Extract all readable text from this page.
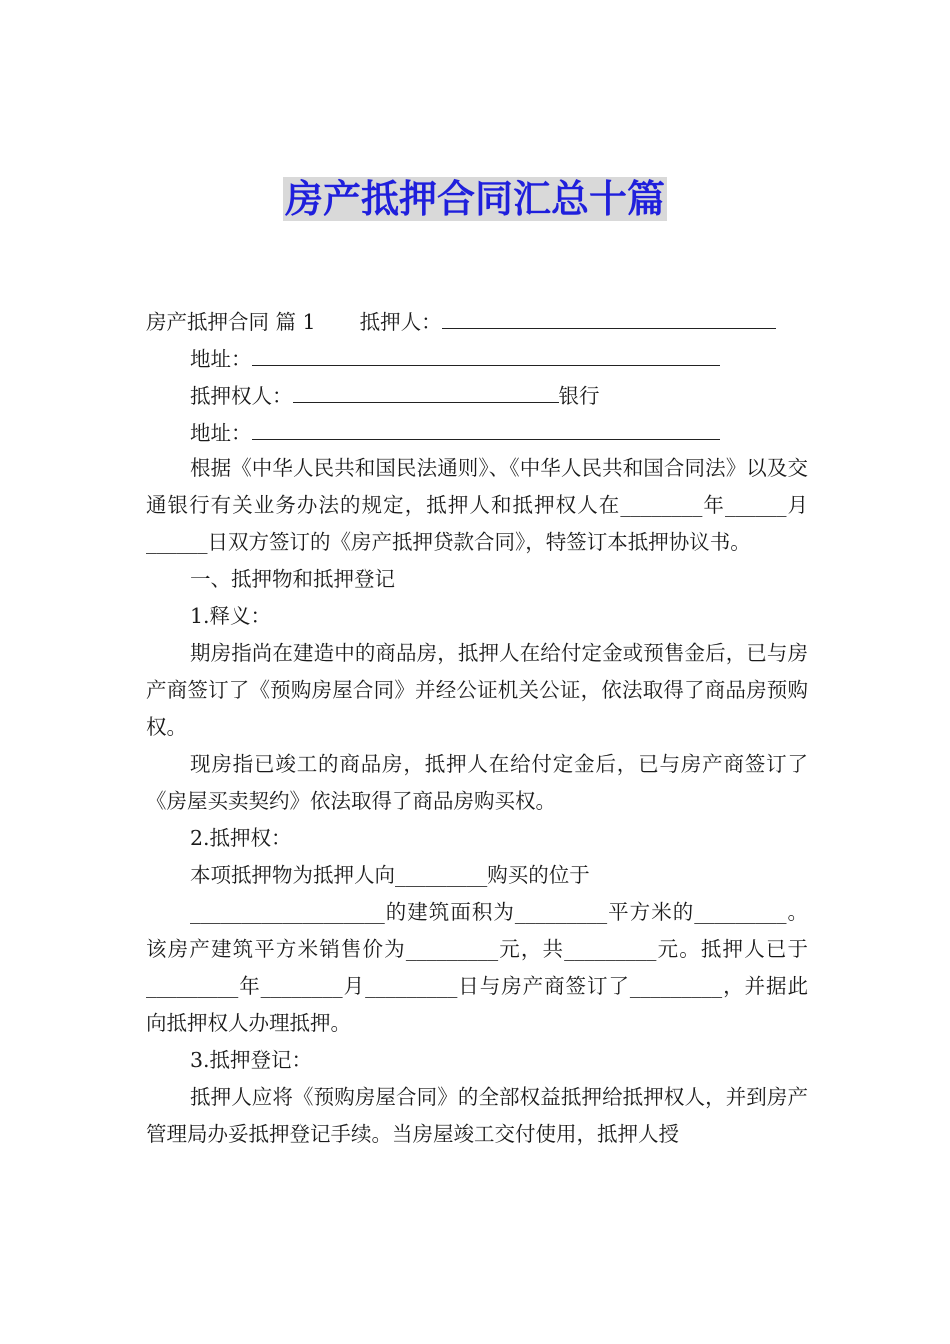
房产抵押合同汇总十篇
房产抵押合同 篇 1 抵押人：
地址：
抵押权人：	银行
地址：

根据《中华人民共和国民法通则》、《中华人民共和国合同法》以及交通银行有关业务办法的规定，抵押人和抵押权人在________年______月______日双方签订的《房产抵押贷款合同》，特签订本抵押协议书。

一、抵押物和抵押登记
1.释义：

期房指尚在建造中的商品房，抵押人在给付定金或预售金后，已与房产商签订了《预购房屋合同》并经公证机关公证，依法取得了商品房预购权。

现房指已竣工的商品房，抵押人在给付定金后，已与房产商签订了《房屋买卖契约》依法取得了商品房购买权。

2.抵押权：
本项抵押物为抵押人向_________购买的位于

___________________的建筑面积为_________平方米的_________。该房产建筑平方米销售价为_________元，共_________元。抵押人已于_________年________月_________日与房产商签订了_________，并据此向抵押权人办理抵押。

3.抵押登记：

抵押人应将《预购房屋合同》的全部权益抵押给抵押权人，并到房产管理局办妥抵押登记手续。当房屋竣工交付使用，抵押人授
